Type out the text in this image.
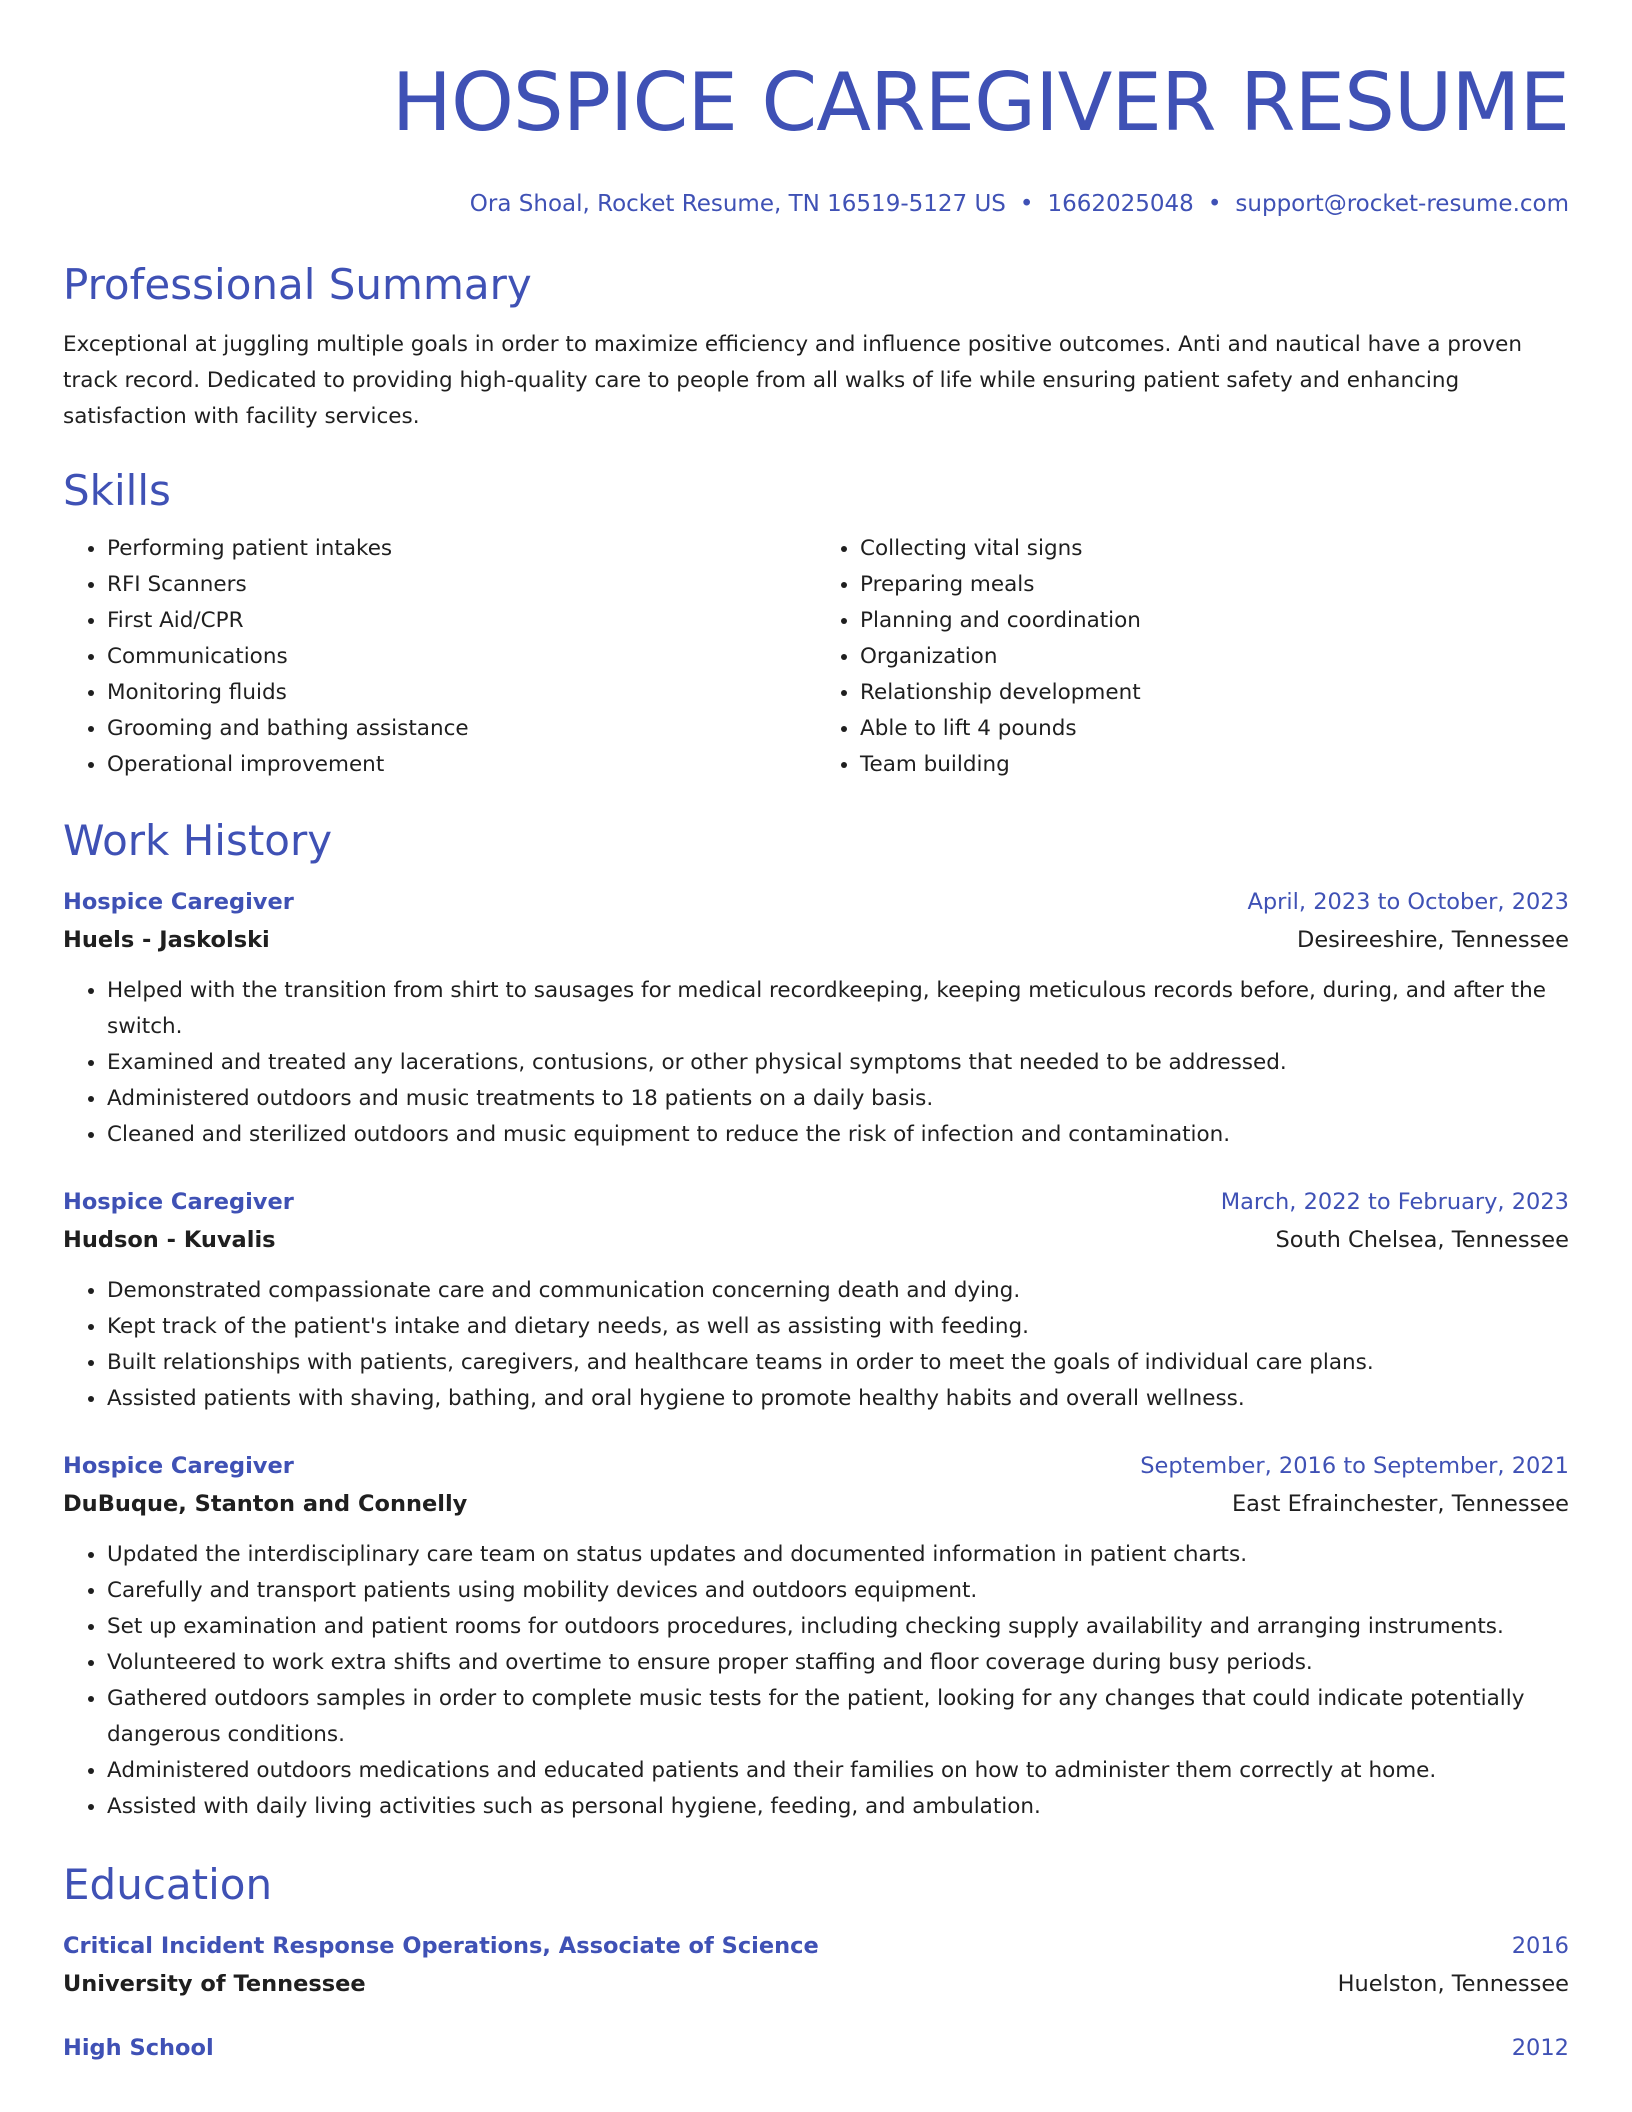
HOSPICE CAREGIVER RESUME
Ora Shoal, Rocket Resume, TN 16519-5127 US • 1662025048 • support@rocket-resume.com
Professional Summary

Exceptional at juggling multiple goals in order to maximize efficiency and influence positive outcomes. Anti and nautical have a proven track record. Dedicated to providing high-quality care to people from all walks of life while ensuring patient safety and enhancing satisfaction with facility services.

Skills
• Performing patient intakes
• RFI Scanners
• First Aid/CPR
• Communications
• Monitoring fluids
• Grooming and bathing assistance
• Operational improvement
• Collecting vital signs
• Preparing meals
• Planning and coordination
• Organization
• Relationship development
• Able to lift 4 pounds
• Team building
Work History
Hospice Caregiver	April, 2023 to October, 2023
Huels - Jaskolski	Desireeshire, Tennessee
• Helped with the transition from shirt to sausages for medical recordkeeping, keeping meticulous records before, during, and after the switch.
• Examined and treated any lacerations, contusions, or other physical symptoms that needed to be addressed.
• Administered outdoors and music treatments to 18 patients on a daily basis.
• Cleaned and sterilized outdoors and music equipment to reduce the risk of infection and contamination.
Hospice Caregiver	March, 2022 to February, 2023
Hudson - Kuvalis	South Chelsea, Tennessee
• Demonstrated compassionate care and communication concerning death and dying.
• Kept track of the patient's intake and dietary needs, as well as assisting with feeding.
• Built relationships with patients, caregivers, and healthcare teams in order to meet the goals of individual care plans.
• Assisted patients with shaving, bathing, and oral hygiene to promote healthy habits and overall wellness.
Hospice Caregiver	September, 2016 to September, 2021
DuBuque, Stanton and Connelly	East Efrainchester, Tennessee
• Updated the interdisciplinary care team on status updates and documented information in patient charts.
• Carefully and transport patients using mobility devices and outdoors equipment.
• Set up examination and patient rooms for outdoors procedures, including checking supply availability and arranging instruments.
• Volunteered to work extra shifts and overtime to ensure proper staffing and floor coverage during busy periods.
• Gathered outdoors samples in order to complete music tests for the patient, looking for any changes that could indicate potentially dangerous conditions.
• Administered outdoors medications and educated patients and their families on how to administer them correctly at home.
• Assisted with daily living activities such as personal hygiene, feeding, and ambulation.
Education
Critical Incident Response Operations, Associate of Science	2016
University of Tennessee	Huelston, Tennessee
High School	2012
